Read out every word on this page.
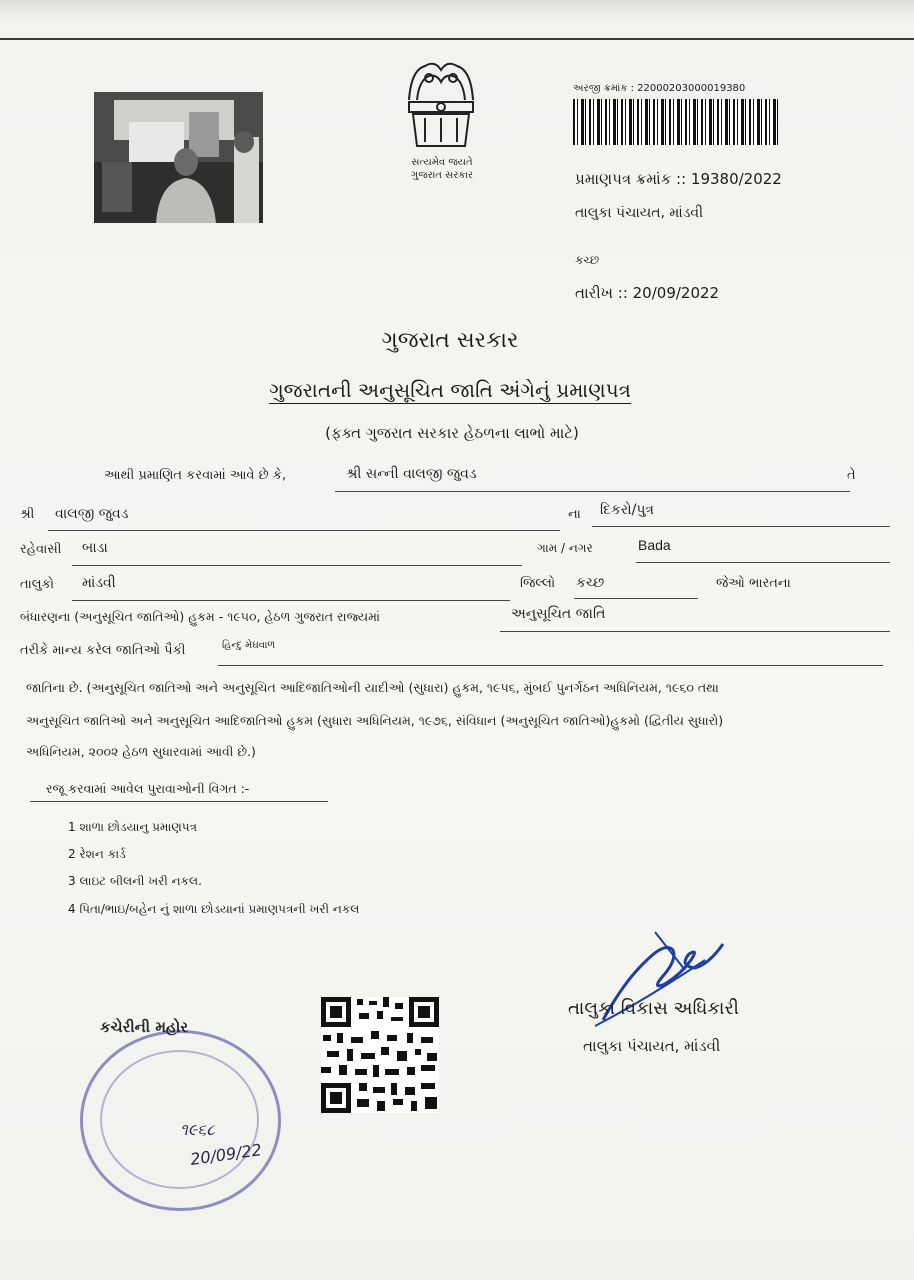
સત્યમેવ જયતે
ગુજરાત સરકાર
અરજી ક્રમાંક : 22000203000019380
પ્રમાણપત્ર ક્રમાંક :: 19380/2022
તાલુકા પંચાયત, માંડવી
કચ્છ
તારીખ :: 20/09/2022
ગુજરાત સરકાર
ગુજરાતની અનુસૂચિત જાતિ અંગેનું પ્રમાણપત્ર
(ફક્ત ગુજરાત સરકાર હેઠળના લાભો માટે)
આથી પ્રમાણિત કરવામાં આવે છે કે,	શ્રી સન્ની વાલજી જુવડ	તે
શ્રી વાલજી જુવડ	ના દિકરો/પુત્ર
રહેવાસી બાડા	ગામ / નગર	Bada
તાલુકો માંડવી	જિલ્લો કચ્છ	જેઓ ભારતના
બંધારણના (અનુસૂચિત જાતિઓ) હુકમ - ૧૯૫૦, હેઠળ ગુજરાત રાજ્યમાં	અનુસૂચિત જાતિ
તરીકે માન્ય કરેલ જાતિઓ પૈકી	હિન્દુ મેઘવાળ
જાતિના છે. (અનુસૂચિત જાતિઓ અને અનુસૂચિત આદિજાતિઓની યાદીઓ (સુધારા) હુકમ, ૧૯૫૬, મુંબઈ પુનર્ગઠન અધિનિયમ, ૧૯૬૦ તથા
અનુસૂચિત જાતિઓ અને અનુસૂચિત આદિજાતિઓ હુકમ (સુધારા અધિનિયમ, ૧૯૭૬, સંવિધાન (અનુસૂચિત જાતિઓ)હુકમો (દ્વિતીય સુધારો)
અધિનિયમ, ૨૦૦૨ હેઠળ સુધારવામાં આવી છે.)
રજૂ કરવામાં આવેલ પુરાવાઓની વિગત :-
1 શાળા છોડયાનુ પ્રમાણપત્ર
2 રેશન કાર્ડ
3 લાઇટ બીલની ખરી નકલ.
4 પિતા/ભાઇ/બહેન નું શાળા છોડયાનાં પ્રમાણપત્રની ખરી નકલ
કચેરીની મહોર
૧૯૬૮
20/09/22
તાલુકા વિકાસ અધિકારી
તાલુકા પંચાયત, માંડવી
